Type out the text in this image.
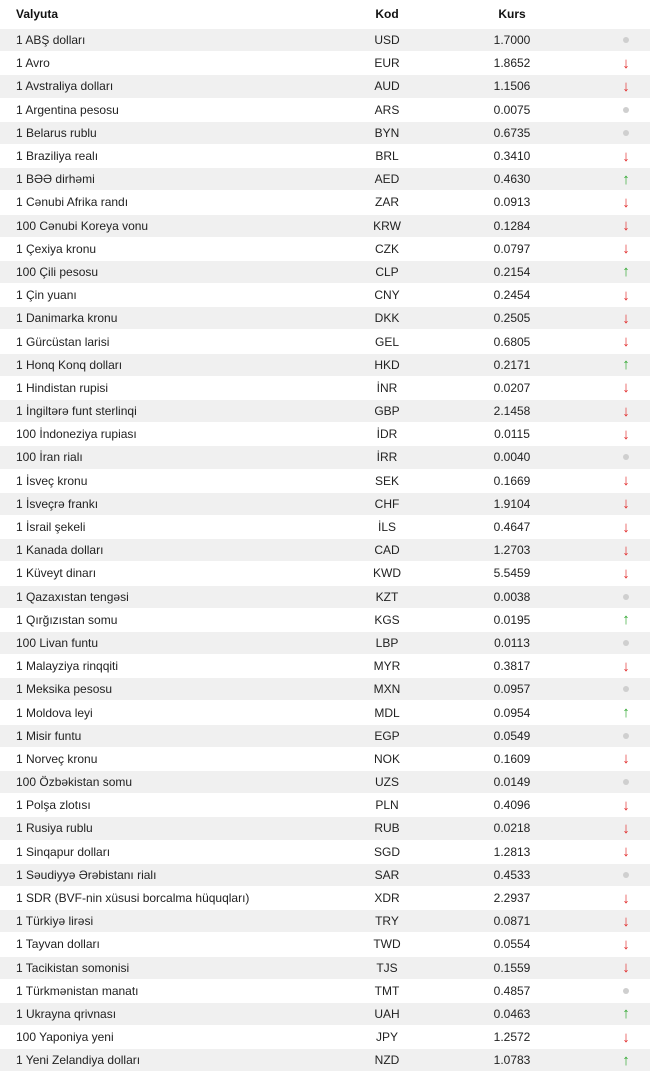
Valyuta	Kod	Kurs
1 ABŞ dolları	USD	1.7000
1 Avro	EUR	1.8652	↓
1 Avstraliya dolları	AUD	1.1506	↓
1 Argentina pesosu	ARS	0.0075
1 Belarus rublu	BYN	0.6735
1 Braziliya realı	BRL	0.3410	↓
1 BƏƏ dirhəmi	AED	0.4630	↑
1 Cənubi Afrika randı	ZAR	0.0913	↓
100 Cənubi Koreya vonu	KRW	0.1284	↓
1 Çexiya kronu	CZK	0.0797	↓
100 Çili pesosu	CLP	0.2154	↑
1 Çin yuanı	CNY	0.2454	↓
1 Danimarka kronu	DKK	0.2505	↓
1 Gürcüstan larisi	GEL	0.6805	↓
1 Honq Konq dolları	HKD	0.2171	↑
1 Hindistan rupisi	İNR	0.0207	↓
1 İngiltərə funt sterlinqi	GBP	2.1458	↓
100 İndoneziya rupiası	İDR	0.0115	↓
100 İran rialı	İRR	0.0040
1 İsveç kronu	SEK	0.1669	↓
1 İsveçrə frankı	CHF	1.9104	↓
1 İsrail şekeli	İLS	0.4647	↓
1 Kanada dolları	CAD	1.2703	↓
1 Küveyt dinarı	KWD	5.5459	↓
1 Qazaxıstan tengəsi	KZT	0.0038
1 Qırğızıstan somu	KGS	0.0195	↑
100 Livan funtu	LBP	0.0113
1 Malayziya rinqqiti	MYR	0.3817	↓
1 Meksika pesosu	MXN	0.0957
1 Moldova leyi	MDL	0.0954	↑
1 Misir funtu	EGP	0.0549
1 Norveç kronu	NOK	0.1609	↓
100 Özbəkistan somu	UZS	0.0149
1 Polşa zlotısı	PLN	0.4096	↓
1 Rusiya rublu	RUB	0.0218	↓
1 Sinqapur dolları	SGD	1.2813	↓
1 Səudiyyə Ərəbistanı rialı	SAR	0.4533
1 SDR (BVF-nin xüsusi borcalma hüquqları)	XDR	2.2937	↓
1 Türkiyə lirəsi	TRY	0.0871	↓
1 Tayvan dolları	TWD	0.0554	↓
1 Tacikistan somonisi	TJS	0.1559	↓
1 Türkmənistan manatı	TMT	0.4857
1 Ukrayna qrivnası	UAH	0.0463	↑
100 Yaponiya yeni	JPY	1.2572	↓
1 Yeni Zelandiya dolları	NZD	1.0783	↑
